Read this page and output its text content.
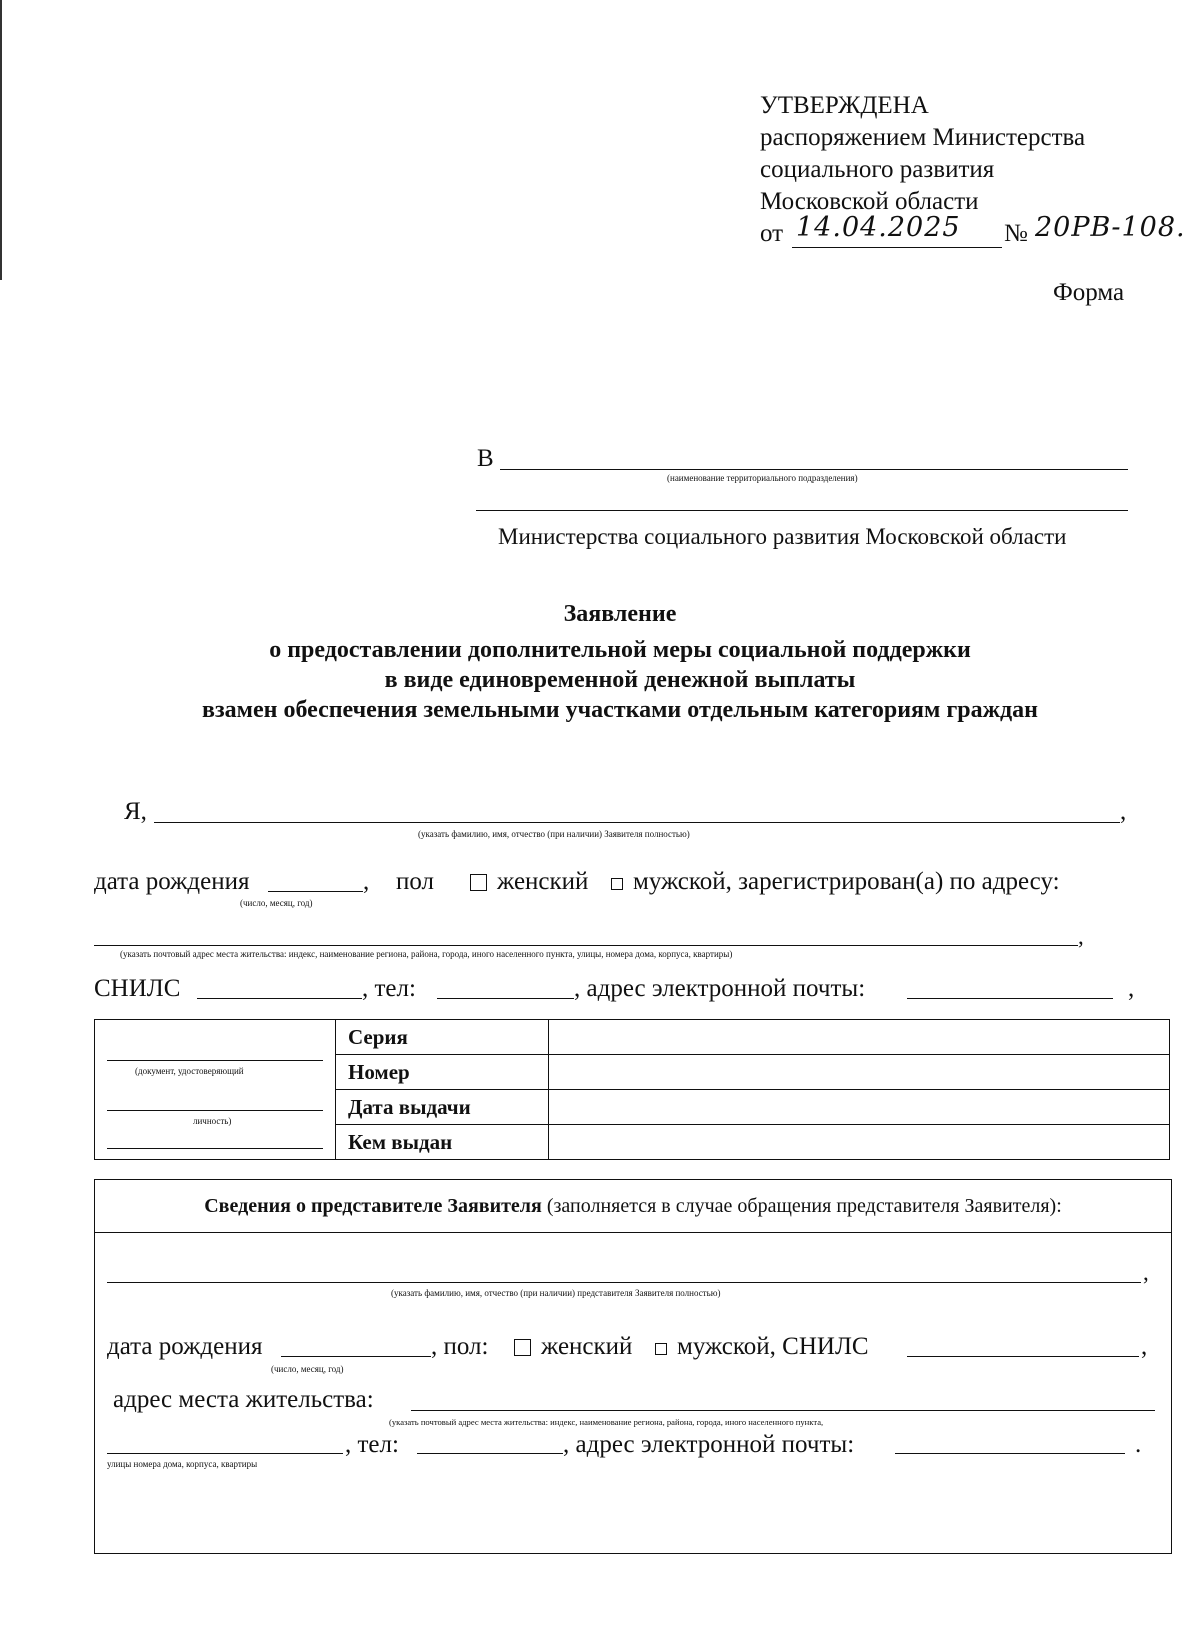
УТВЕРЖДЕНА
распоряжением Министерства
социального развития
Московской области
от 14.04.2025 № 20РВ-108.
Форма
В
(наименование территориального подразделения)
Министерства социального развития Московской области
Заявление
о предоставлении дополнительной меры социальной поддержки
в виде единовременной денежной выплаты
взамен обеспечения земельными участками отдельным категориям граждан
Я,	,
(указать фамилию, имя, отчество (при наличии) Заявителя полностью)
дата рождения	, пол	женский мужской, зарегистрирован(а) по адресу:
(число, месяц, год)
,
(указать почтовый адрес места жительства: индекс, наименование региона, района, города, иного населенного пункта, улицы, номера дома, корпуса, квартиры)
СНИЛС	, тел:	, адрес электронной почты:	,
(документ, удостоверяющий
личность)	Серия	
	Номер	
	Дата выдачи	
	Кем выдан	
Сведения о представителе Заявителя (заполняется в случае обращения представителя Заявителя):
,
(указать фамилию, имя, отчество (при наличии) представителя Заявителя полностью)
дата рождения	, пол: женский мужской, СНИЛС	,
(число, месяц, год)
адрес места жительства:
(указать почтовый адрес места жительства: индекс, наименование региона, района, города, иного населенного пункта,
, тел:	, адрес электронной почты:	.
улицы номера дома, корпуса, квартиры
